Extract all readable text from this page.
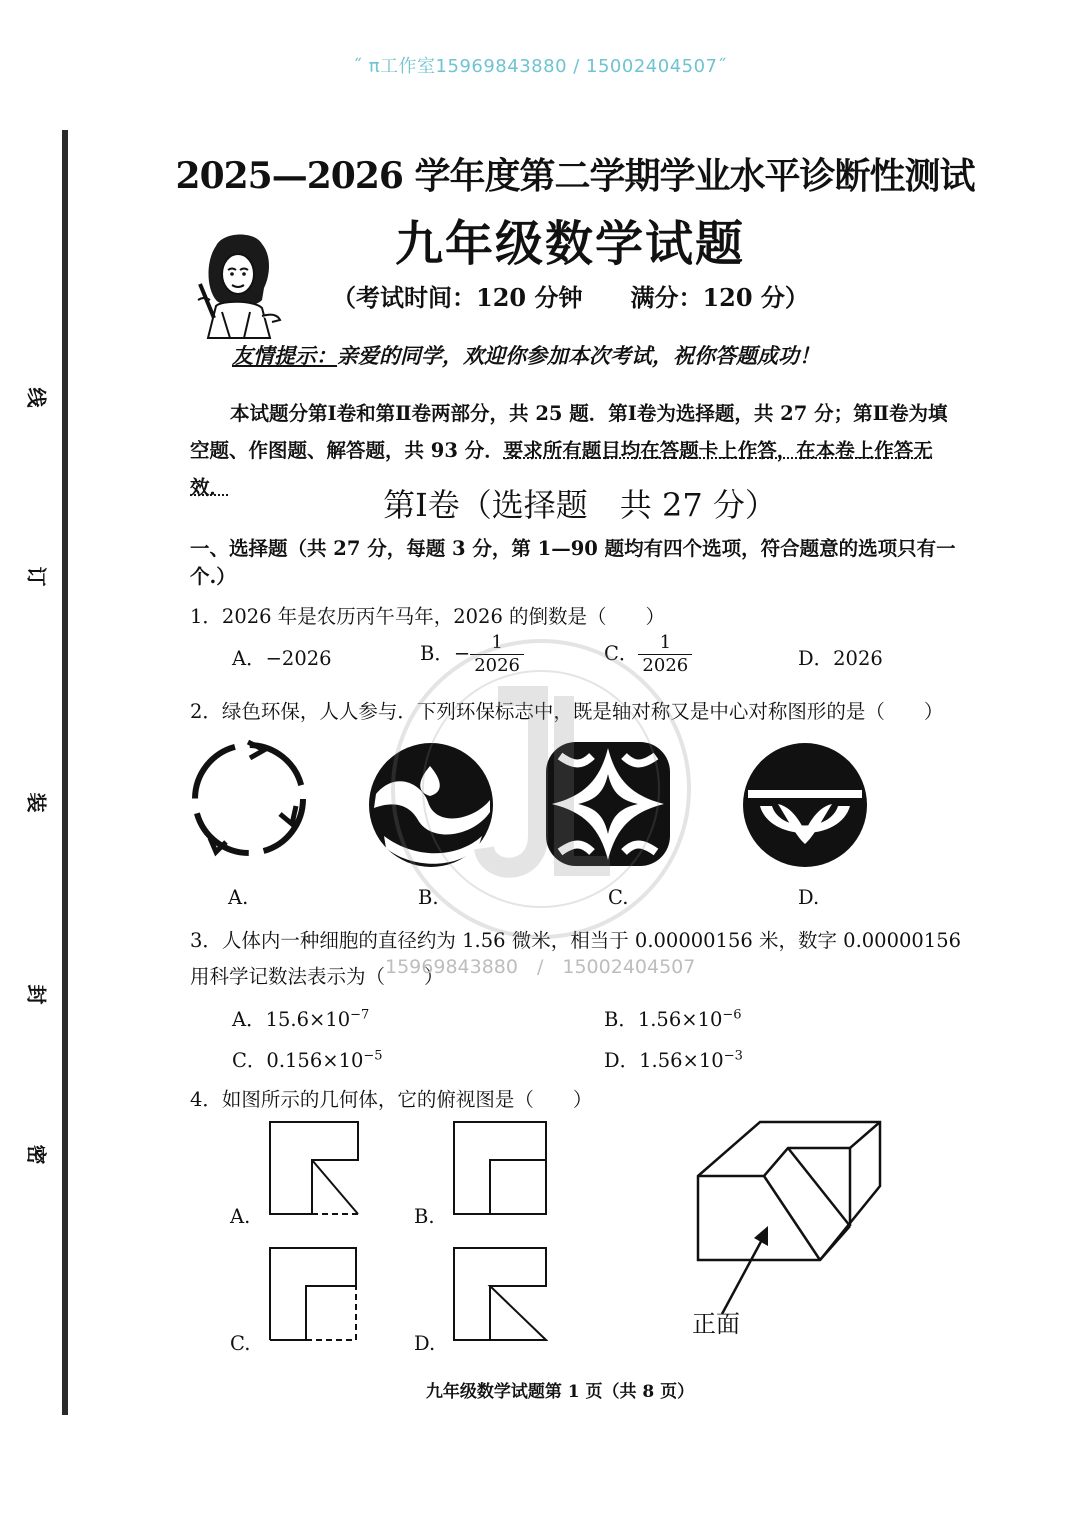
˝ π工作室15969843880 / 15002404507˝
线
订
装
封
密
2025—2026 学年度第二学期学业水平诊断性测试
九年级数学试题
（考试时间：120 分钟　　 满分：120 分）
友情提示：亲爱的同学，欢迎你参加本次考试，祝你答题成功！
本试题分第Ⅰ卷和第Ⅱ卷两部分，共 25 题．第Ⅰ卷为选择题，共 27 分；第Ⅱ卷为填空题、作图题、解答题，共 93 分．要求所有题目均在答题卡上作答，在本卷上作答无效．	第Ⅰ卷（选择题　共 27 分）
一、选择题（共 27 分，每题 3 分，第 1—90 题均有四个选项，符合题意的选项只有一个.）
1．2026 年是农历丙午马年，2026 的倒数是（　　）
A．−2026	B．− $\frac{1}{2026}$	C． $\frac{1}{2026}$	D．2026
2．绿色环保，人人参与．下列环保标志中，既是轴对称又是中心对称图形的是（　　）
A.	B.	C.	D.
3．人体内一种细胞的直径约为 1.56 微米，相当于 0.00000156 米，数字 0.00000156 用科学记数法表示为（　　）
A．$15.6\times 10^{-7}$	B．$1.56\times 10^{-6}$
C．$0.156\times 10^{-5}$	D．$1.56\times 10^{-3}$
4．如图所示的几何体，它的俯视图是（　　）
A.	B.
C.	D.
正面
15969843880　/　15002404507
九年级数学试题第 1 页（共 8 页）
